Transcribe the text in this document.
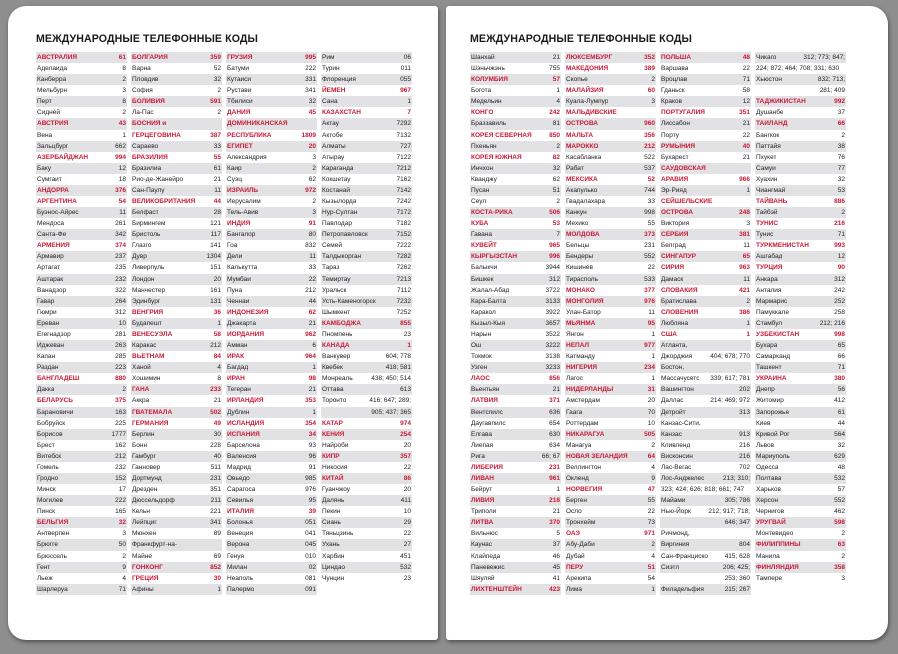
МЕЖДУНАРОДНЫЕ ТЕЛЕФОННЫЕ КОДЫ
АВСТРАЛИЯ	61
Аделаида	8
Канберра	2
Мельбурн	3
Перт	8
Сидней	2
АВСТРИЯ	43
Вена	1
Зальцбург	662
АЗЕРБАЙДЖАН	994
Баку	12
Сумгаит	18
АНДОРРА	376
АРГЕНТИНА	54
Буэнос-Айрес	11
Мендоса	261
Санта-Фе	342
АРМЕНИЯ	374
Армавир	237
Артагат	235
Аштарак	232
Ванадзор	322
Гавар	264
Гюмри	312
Ереван	10
Егегнадзор	281
Иджеван	263
Капан	285
Раздан	223
БАНГЛАДЕШ	880
Дакка	2
БЕЛАРУСЬ	375
Барановичи	163
Бобруйск	225
Борисов	1777
Брест	162
Витебск	212
Гомель	232
Гродно	152
Минск	17
Могилев	222
Пинск	165
БЕЛЬГИЯ	32
Антверпен	3
Брюгге	50
Брюссель	2
Гент	9
Льеж	4
Шарлеруа	71
БОЛГАРИЯ	359
Варна	52
Пловдив	32
София	2
БОЛИВИЯ	591
Ла-Пас	2
БОСНИЯ и
ГЕРЦЕГОВИНА	387
Сараево	33
БРАЗИЛИЯ	55
Бразилиа	61
Рио-де-Жанейро	21
Сан-Паулу	11
ВЕЛИКОБРИТАНИЯ	44
Белфаст	28
Бирмингем	121
Бристоль	117
Глазго	141
Дувр	1304
Ливерпуль	151
Лондон	20
Манчестер	161
Эдинбург	131
ВЕНГРИЯ	36
Будапешт	1
ВЕНЕСУЭЛА	58
Каракас	212
ВЬЕТНАМ	84
Ханой	4
Хошимин	8
ГАНА	233
Аккра	21
ГВАТЕМАЛА	502
ГЕРМАНИЯ	49
Берлин	30
Бонн	228
Гамбург	40
Ганновер	511
Дортмунд	231
Дрезден	351
Дюссельдорф	211
Кельн	221
Лейпциг	341
Мюнхен	89
Франкфурт-на-
Майне	69
ГОНКОНГ	852
ГРЕЦИЯ	30
Афины	1
ГРУЗИЯ	995
Батуми	222
Кутаиси	331
Рустави	341
Тбилиси	32
ДАНИЯ	45
ДОМИНИКАНСКАЯ
РЕСПУБЛИКА	1809
ЕГИПЕТ	20
Александрия	3
Каир	2
Суэц	62
ИЗРАИЛЬ	972
Иерусалим	2
Тель-Авив	3
ИНДИЯ	91
Бангалор	80
Гоа	832
Дели	11
Калькутта	33
Мумбаи	22
Пуна	212
Ченнаи	44
ИНДОНЕЗИЯ	62
Джакарта	21
ИОРДАНИЯ	962
Амман	6
ИРАК	964
Багдад	1
ИРАН	98
Тегеран	21
ИРЛАНДИЯ	353
Дублин	1
ИСЛАНДИЯ	354
ИСПАНИЯ	34
Барселона	93
Валенсия	96
Мадрид	91
Овьедо	985
Сарагоса	976
Севилья	95
ИТАЛИЯ	39
Болонья	051
Венеция	041
Верона	045
Генуя	010
Милан	02
Неаполь	081
Палермо	091
Рим	06
Турин	011
Флоренция	055
ЙЕМЕН	967
Сана	1
КАЗАХСТАН	7
Актау	7292
Актобе	7132
Алматы	727
Атырау	7122
Караганда	7212
Кокшетау	7162
Костанай	7142
Кызылорда	7242
Нур-Султан	7172
Павлодар	7182
Петропавловск	7152
Семей	7222
Талдыкорган	7282
Тараз	7262
Темиртау	7213
Уральск	7112
Усть-Каменогорск	7232
Шымкент	7252
КАМБОДЖА	855
Пномпень	23
КАНАДА	1
Ванкувер	604; 778
Квебек	418; 581
Монреаль	438; 450; 514
Оттава	613
Торонто	416; 647; 289;
905; 437; 365
КАТАР	974
КЕНИЯ	254
Найроби	20
КИПР	357
Никосия	22
КИТАЙ	86
Гуанчжоу	20
Далянь	411
Пекин	10
Сиань	29
Тяньцзинь	22
Ухань	27
Харбин	451
Циндао	532
Чунцин	23
МЕЖДУНАРОДНЫЕ ТЕЛЕФОННЫЕ КОДЫ
Шанхай	21
Шэньчжэнь	755
КОЛУМБИЯ	57
Богота	1
Медельин	4
КОНГО	242
Браззавиль	81
КОРЕЯ СЕВЕРНАЯ	850
Пхеньян	2
КОРЕЯ ЮЖНАЯ	82
Инчхон	32
Кванджу	62
Пусан	51
Сеул	2
КОСТА-РИКА	506
КУБА	53
Гавана	7
КУВЕЙТ	965
КЫРГЫЗСТАН	996
Балыкчи	3944
Бишкек	312
Жалал-Абад	3722
Кара-Балта	3133
Каракол	3922
Кызыл-Кыя	3657
Нарын	3522
Ош	3222
Токмок	3138
Узген	3233
ЛАОС	856
Вьентьян	21
ЛАТВИЯ	371
Вентспилс	636
Даугавпилс	654
Елгава	630
Лиепая	634
Рига	66; 67
ЛИБЕРИЯ	231
ЛИВАН	961
Бейрут	1
ЛИВИЯ	218
Триполи	21
ЛИТВА	370
Вильнюс	5
Каунас	37
Клайпеда	46
Паневежис	45
Шяуляй	41
ЛИХТЕНШТЕЙН	423
ЛЮКСЕМБУРГ	352
МАКЕДОНИЯ	389
Скопье	2
МАЛАЙЗИЯ	60
Куала-Лумпур	3
МАЛЬДИВСКИЕ
ОСТРОВА	960
МАЛЬТА	356
МАРОККО	212
Касабланка	522
Рабат	537
МЕКСИКА	52
Акапулько	744
Гвадалахара	33
Канкун	998
Мехико	55
МОЛДОВА	373
Бельцы	231
Бендеры	552
Кишинев	22
Тирасполь	533
МОНАКО	377
МОНГОЛИЯ	976
Улан-Батор	11
МЬЯНМА	95
Янгон	1
НЕПАЛ	977
Катманду	1
НИГЕРИЯ	234
Лагос	1
НИДЕРЛАНДЫ	31
Амстердам	20
Гаага	70
Роттердам	10
НИКАРАГУА	505
Манагуа	2
НОВАЯ ЗЕЛАНДИЯ	64
Веллингтон	4
Окленд	9
НОРВЕГИЯ	47
Берген	55
Осло	22
Тронхейм	73
ОАЭ	971
Абу-Даби	2
Дубай	4
ПЕРУ	51
Арекипа	54
Лима	1
ПОЛЬША	48
Варшава	22
Вроцлав	71
Гданьск	58
Краков	12
ПОРТУГАЛИЯ	351
Лиссабон	21
Порту	22
РУМЫНИЯ	40
Бухарест	21
САУДОВСКАЯ
АРАВИЯ	966
Эр-Рияд	1
СЕЙШЕЛЬСКИЕ
ОСТРОВА	248
Виктория	3
СЕРБИЯ	381
Белград	11
СИНГАПУР	65
СИРИЯ	963
Дамаск	11
СЛОВАКИЯ	421
Братислава	2
СЛОВЕНИЯ	386
Любляна	1
США	1
Атланта,
Джорджия	404; 678; 770
Бостон,
Массачусетс	339; 617; 781
Вашингтон	202
Даллас	214; 469; 972
Детройт	313
Канзас-Сити,
Канзас	913
Кливленд	216
Висконсин	216
Лас-Вегас	702
Лос-Анджелес	213; 310;
323; 424; 626; 818; 661; 747
Майами	305; 786
Нью-Йорк	212; 917; 718;
646; 347
Ричмонд,
Виргиния	804
Сан-Франциско	415; 628
Сиэтл	206; 425;
253; 360
Филадельфия	215; 267
Чикаго	312; 773; 847;
224; 872; 464; 708; 331; 630
Хьюстон	832; 713;
281; 409
ТАДЖИКИСТАН	992
Душанбе	37
ТАИЛАНД	66
Бангкок	2
Паттайя	38
Пхукет	76
Самуи	77
Хуахин	32
Чиангмай	53
ТАЙВАНЬ	886
Тайбэй	2
ТУНИС	216
Тунис	71
ТУРКМЕНИСТАН	993
Ашгабад	12
ТУРЦИЯ	90
Анкара	312
Анталия	242
Мармарис	252
Памуккале	258
Стамбул	212; 216
УЗБЕКИСТАН	998
Бухара	65
Самарканд	66
Ташкент	71
УКРАИНА	380
Днепр	56
Житомир	412
Запорожье	61
Киев	44
Кривой Рог	564
Львов	32
Мариуполь	629
Одесса	48
Полтава	532
Харьков	57
Херсон	552
Чернигов	462
УРУГВАЙ	598
Монтевидео	2
ФИЛИППИНЫ	63
Манила	2
ФИНЛЯНДИЯ	358
Тампере	3
